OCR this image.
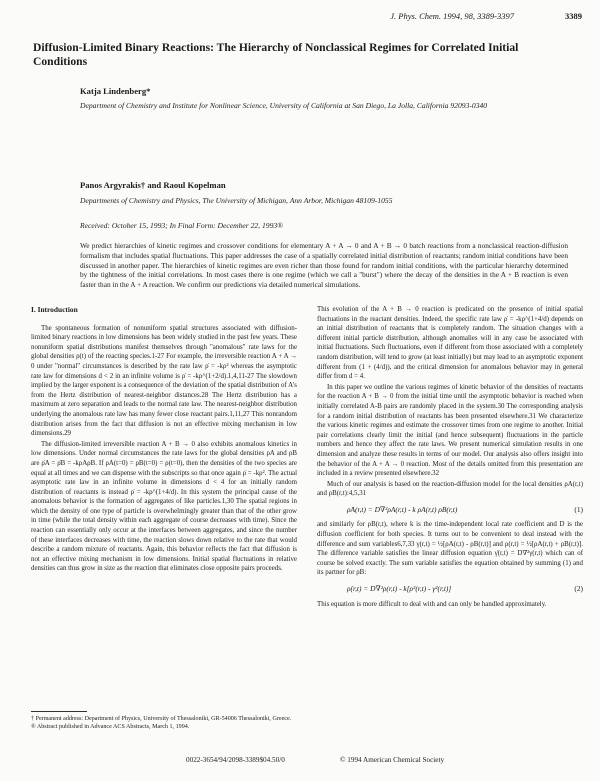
J. Phys. Chem. 1994, 98, 3389-3397	3389
Diffusion-Limited Binary Reactions: The Hierarchy of Nonclassical Regimes for Correlated Initial Conditions
Katja Lindenberg*
Department of Chemistry and Institute for Nonlinear Science, University of California at San Diego, La Jolla, California 92093-0340
Panos Argyrakis† and Raoul Kopelman
Departments of Chemistry and Physics, The University of Michigan, Ann Arbor, Michigan 48109-1055
Received: October 15, 1993; In Final Form: December 22, 1993®
We predict hierarchies of kinetic regimes and crossover conditions for elementary A + A → 0 and A + B → 0 batch reactions from a nonclassical reaction-diffusion formalism that includes spatial fluctuations. This paper addresses the case of a spatially correlated initial distribution of reactants; random initial conditions have been discussed in another paper. The hierarchies of kinetic regimes are even richer than those found for random initial conditions, with the particular hierarchy determined by the tightness of the initial correlations. In most cases there is one regime (which we call a "burst") where the decay of the densities in the A + B reaction is even faster than in the A + A reaction. We confirm our predictions via detailed numerical simulations.
I. Introduction

The spontaneous formation of nonuniform spatial structures associated with diffusion-limited binary reactions in low dimensions has been widely studied in the past few years. These nonuniform spatial distributions manifest themselves through "anomalous" rate laws for the global densities ρ(t) of the reacting species.1-27 For example, the irreversible reaction A + A → 0 under "normal" circumstances is described by the rate law ρ̇ = -kρ² whereas the asymptotic rate law for dimensions d < 2 in an infinite volume is ρ̇ = -kρ^(1+2/d).1,4,11-27 The slowdown implied by the larger exponent is a consequence of the deviation of the spatial distribution of A's from the Hertz distribution of nearest-neighbor distances.28 The Hertz distribution has a maximum at zero separation and leads to the normal rate law. The nearest-neighbor distribution underlying the anomalous rate law has many fewer close reactant pairs.1,11,27 This nonrandom distribution arises from the fact that diffusion is not an effective mixing mechanism in low dimensions.29

The diffusion-limited irreversible reaction A + B → 0 also exhibits anomalous kinetics in low dimensions. Under normal circumstances the rate laws for the global densities ρA and ρB are ρ̇A = ρ̇B = -kρAρB. If ρA(t=0) = ρB(t=0) = ρ(t=0), then the densities of the two species are equal at all times and we can dispense with the subscripts so that once again ρ̇ = -kρ². The actual asymptotic rate law in an infinite volume in dimensions d < 4 for an initially random distribution of reactants is instead ρ̇ = -kρ^(1+4/d). In this system the principal cause of the anomalous behavior is the formation of aggregates of like particles.1,30 The spatial regions in which the density of one type of particle is overwhelmingly greater than that of the other grow in time (while the total density within each aggregate of course decreases with time). Since the reaction can essentially only occur at the interfaces between aggregates, and since the number of these interfaces decreases with time, the reaction slows down relative to the rate that would describe a random mixture of reactants. Again, this behavior reflects the fact that diffusion is not an effective mixing mechanism in low dimensions. Initial spatial fluctuations in relative densities can thus grow in size as the reaction that eliminates close opposite pairs proceeds.

This evolution of the A + B → 0 reaction is predicated on the presence of initial spatial fluctuations in the reactant densities. Indeed, the specific rate law ρ̇ = -kρ^(1+4/d) depends on an initial distribution of reactants that is completely random. The situation changes with a different initial particle distribution, although anomalies will in any case be associated with initial fluctuations. Such fluctuations, even if different from those associated with a completely random distribution, will tend to grow (at least initially) but may lead to an asymptotic exponent different from (1 + (4/d)), and the critical dimension for anomalous behavior may in general differ from d = 4.

In this paper we outline the various regimes of kinetic behavior of the densities of reactants for the reaction A + B → 0 from the initial time until the asymptotic behavior is reached when initially correlated A-B pairs are randomly placed in the system.30 The corresponding analysis for a random initial distribution of reactants has been presented elsewhere.31 We characterize the various kinetic regimes and estimate the crossover times from one regime to another. Initial pair correlations clearly limit the initial (and hence subsequent) fluctuations in the particle numbers and hence they affect the rate laws. We present numerical simulation results in one dimension and analyze these results in terms of our model. Our analysis also offers insight into the behavior of the A + A → 0 reaction. Most of the details omitted from this presentation are included in a review presented elsewhere.32

Much of our analysis is based on the reaction-diffusion model for the local densities ρA(r,t) and ρB(r,t):4,5,31

ρ̇A(r,t) = D∇²ρA(r,t) - k ρA(r,t) ρB(r,t)	(1)

and similarly for ρB(r,t), where k is the time-independent local rate coefficient and D is the diffusion coefficient for both species. It turns out to be convenient to deal instead with the difference and sum variables6,7,33 γ(r,t) = ½[ρA(r,t) - ρB(r,t)] and ρ(r,t) = ½[ρA(r,t) + ρB(r,t)]. The difference variable satisfies the linear diffusion equation γ̇(r,t) = D∇²γ(r,t) which can of course be solved exactly. The sum variable satisfies the equation obtained by summing (1) and its partner for ρB:

ρ̇(r,t) = D∇²ρ(r,t) - k[ρ²(r,t) - γ²(r,t)]	(2)

This equation is more difficult to deal with and can only be handled approximately.

† Permanent address: Department of Physics, University of Thessaloniki, GR-54006 Thessaloniki, Greece.
® Abstract published in Advance ACS Abstracts, March 1, 1994.
0022-3654/94/2098-3389$04.50/0	© 1994 American Chemical Society
